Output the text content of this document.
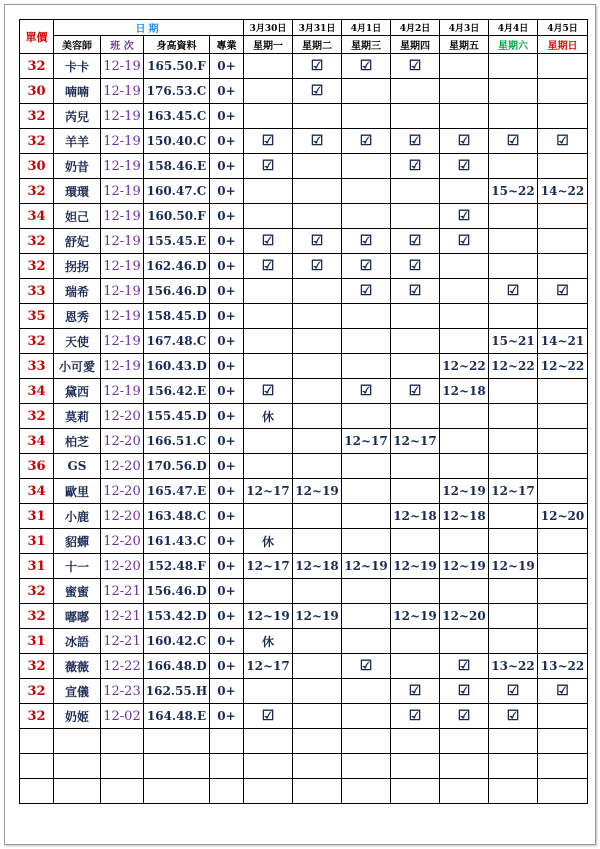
單價	日期				3月30日	3月31日	4月1日	4月2日	4月3日	4月4日	4月5日
	美容師	班 次	身高資料	專業	星期一	星期二	星期三	星期四	星期五	星期六	星期日
32	卡卡	12-19	165.50.F	0+		☑	☑	☑			
30	喃喃	12-19	176.53.C	0+		☑					
32	芮兒	12-19	163.45.C	0+							
32	羊羊	12-19	150.40.C	0+	☑	☑	☑	☑	☑	☑	☑
30	奶昔	12-19	158.46.E	0+	☑			☑	☑		
32	環環	12-19	160.47.C	0+						15~22	14~22
34	妲己	12-19	160.50.F	0+					☑		
32	舒妃	12-19	155.45.E	0+	☑	☑	☑	☑	☑		
32	拐拐	12-19	162.46.D	0+	☑	☑	☑	☑			
33	瑞希	12-19	156.46.D	0+			☑	☑		☑	☑
35	恩秀	12-19	158.45.D	0+							
32	天使	12-19	167.48.C	0+						15~21	14~21
33	小可愛	12-19	160.43.D	0+					12~22	12~22	12~22
34	黛西	12-19	156.42.E	0+	☑		☑	☑	12~18		
32	莫莉	12-20	155.45.D	0+	休						
34	柏芝	12-20	166.51.C	0+			12~17	12~17			
36	GS	12-20	170.56.D	0+							
34	歐里	12-20	165.47.E	0+	12~17	12~19			12~19	12~17	
31	小鹿	12-20	163.48.C	0+				12~18	12~18		12~20
31	貂蟬	12-20	161.43.C	0+	休						
31	十一	12-20	152.48.F	0+	12~17	12~18	12~19	12~19	12~19	12~19	
32	蜜蜜	12-21	156.46.D	0+							
32	嘟嘟	12-21	153.42.D	0+	12~19	12~19		12~19	12~20		
31	冰語	12-21	160.42.C	0+	休						
32	薇薇	12-22	166.48.D	0+	12~17		☑		☑	13~22	13~22
32	宣儀	12-23	162.55.H	0+				☑	☑	☑	☑
32	奶姬	12-02	164.48.E	0+	☑			☑	☑	☑	
